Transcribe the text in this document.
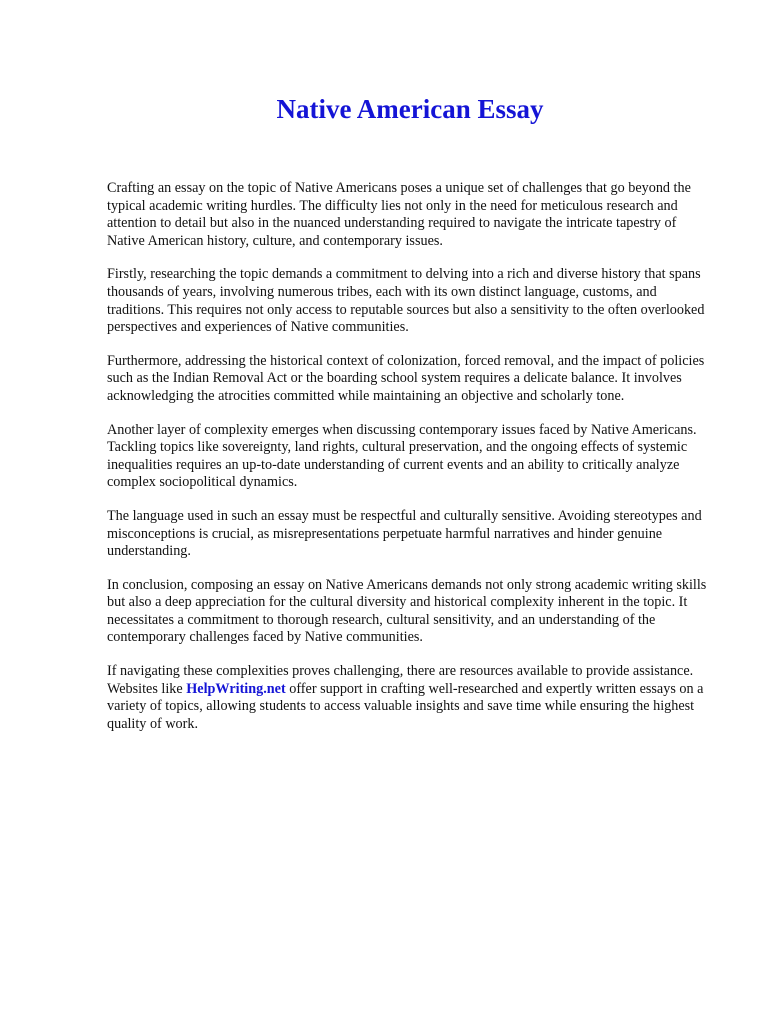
Native American Essay

Crafting an essay on the topic of Native Americans poses a unique set of challenges that go beyond the typical academic writing hurdles. The difficulty lies not only in the need for meticulous research and attention to detail but also in the nuanced understanding required to navigate the intricate tapestry of Native American history, culture, and contemporary issues.

Firstly, researching the topic demands a commitment to delving into a rich and diverse history that spans thousands of years, involving numerous tribes, each with its own distinct language, customs, and traditions. This requires not only access to reputable sources but also a sensitivity to the often overlooked perspectives and experiences of Native communities.

Furthermore, addressing the historical context of colonization, forced removal, and the impact of policies such as the Indian Removal Act or the boarding school system requires a delicate balance. It involves acknowledging the atrocities committed while maintaining an objective and scholarly tone.

Another layer of complexity emerges when discussing contemporary issues faced by Native Americans. Tackling topics like sovereignty, land rights, cultural preservation, and the ongoing effects of systemic inequalities requires an up-to-date understanding of current events and an ability to critically analyze complex sociopolitical dynamics.

The language used in such an essay must be respectful and culturally sensitive. Avoiding stereotypes and misconceptions is crucial, as misrepresentations perpetuate harmful narratives and hinder genuine understanding.

In conclusion, composing an essay on Native Americans demands not only strong academic writing skills but also a deep appreciation for the cultural diversity and historical complexity inherent in the topic. It necessitates a commitment to thorough research, cultural sensitivity, and an understanding of the contemporary challenges faced by Native communities.

If navigating these complexities proves challenging, there are resources available to provide assistance. Websites like HelpWriting.net offer support in crafting well-researched and expertly written essays on a variety of topics, allowing students to access valuable insights and save time while ensuring the highest quality of work.
